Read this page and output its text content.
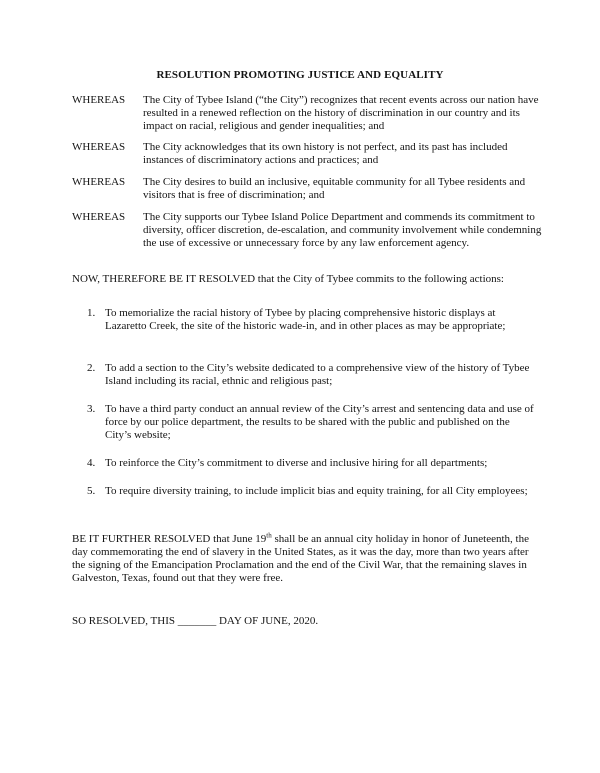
RESOLUTION PROMOTING JUSTICE AND EQUALITY
WHEREAS The City of Tybee Island (“the City”) recognizes that recent events across our nation have resulted in a renewed reflection on the history of discrimination in our country and its impact on racial, religious and gender inequalities; and
WHEREAS The City acknowledges that its own history is not perfect, and its past has included instances of discriminatory actions and practices; and
WHEREAS The City desires to build an inclusive, equitable community for all Tybee residents and visitors that is free of discrimination; and
WHEREAS The City supports our Tybee Island Police Department and commends its commitment to diversity, officer discretion, de-escalation, and community involvement while condemning the use of excessive or unnecessary force by any law enforcement agency.
NOW, THEREFORE BE IT RESOLVED that the City of Tybee commits to the following actions:
1. To memorialize the racial history of Tybee by placing comprehensive historic displays at Lazaretto Creek, the site of the historic wade-in, and in other places as may be appropriate;
2. To add a section to the City’s website dedicated to a comprehensive view of the history of Tybee Island including its racial, ethnic and religious past;
3. To have a third party conduct an annual review of the City’s arrest and sentencing data and use of force by our police department, the results to be shared with the public and published on the City’s website;
4. To reinforce the City’s commitment to diverse and inclusive hiring for all departments;
5. To require diversity training, to include implicit bias and equity training, for all City employees;
BE IT FURTHER RESOLVED that June 19th shall be an annual city holiday in honor of Juneteenth, the day commemorating the end of slavery in the United States, as it was the day, more than two years after the signing of the Emancipation Proclamation and the end of the Civil War, that the remaining slaves in Galveston, Texas, found out that they were free.
SO RESOLVED, THIS _______ DAY OF JUNE, 2020.
